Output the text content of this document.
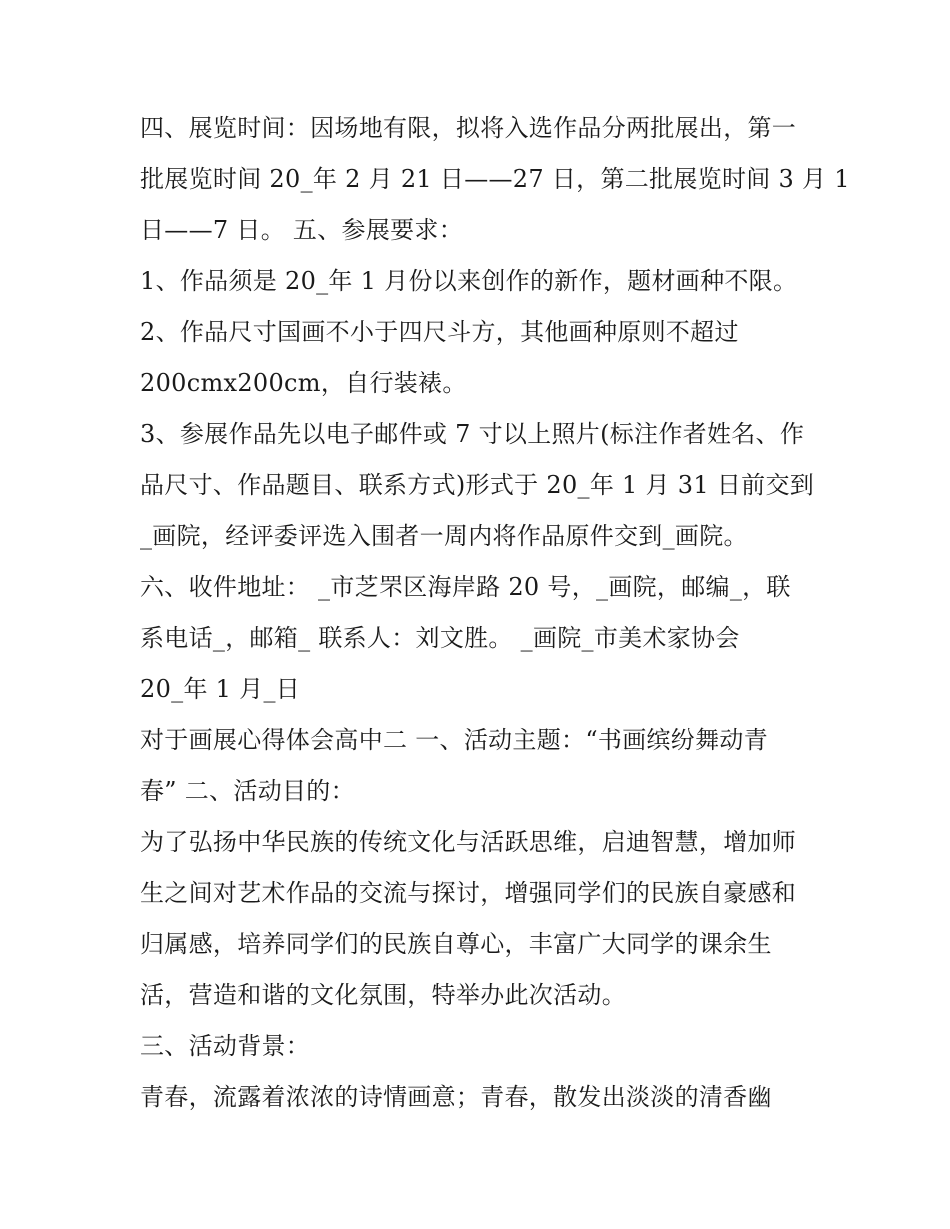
四、展览时间：因场地有限，拟将入选作品分两批展出，第一
批展览时间 20_年 2 月 21 日——27 日，第二批展览时间 3 月 1
日——7 日。 五、参展要求：
1、作品须是 20_年 1 月份以来创作的新作，题材画种不限。
2、作品尺寸国画不小于四尺斗方，其他画种原则不超过
200cmx200cm，自行装裱。
3、参展作品先以电子邮件或 7 寸以上照片(标注作者姓名、作
品尺寸、作品题目、联系方式)形式于 20_年 1 月 31 日前交到
_画院，经评委评选入围者一周内将作品原件交到_画院。
六、收件地址： _市芝罘区海岸路 20 号，_画院，邮编_，联
系电话_，邮箱_ 联系人：刘文胜。 _画院_市美术家协会
20_年 1 月_日
对于画展心得体会高中二 一、活动主题：“书画缤纷舞动青
春” 二、活动目的：
为了弘扬中华民族的传统文化与活跃思维，启迪智慧，增加师
生之间对艺术作品的交流与探讨，增强同学们的民族自豪感和
归属感，培养同学们的民族自尊心，丰富广大同学的课余生
活，营造和谐的文化氛围，特举办此次活动。
三、活动背景：
青春，流露着浓浓的诗情画意；青春，散发出淡淡的清香幽
